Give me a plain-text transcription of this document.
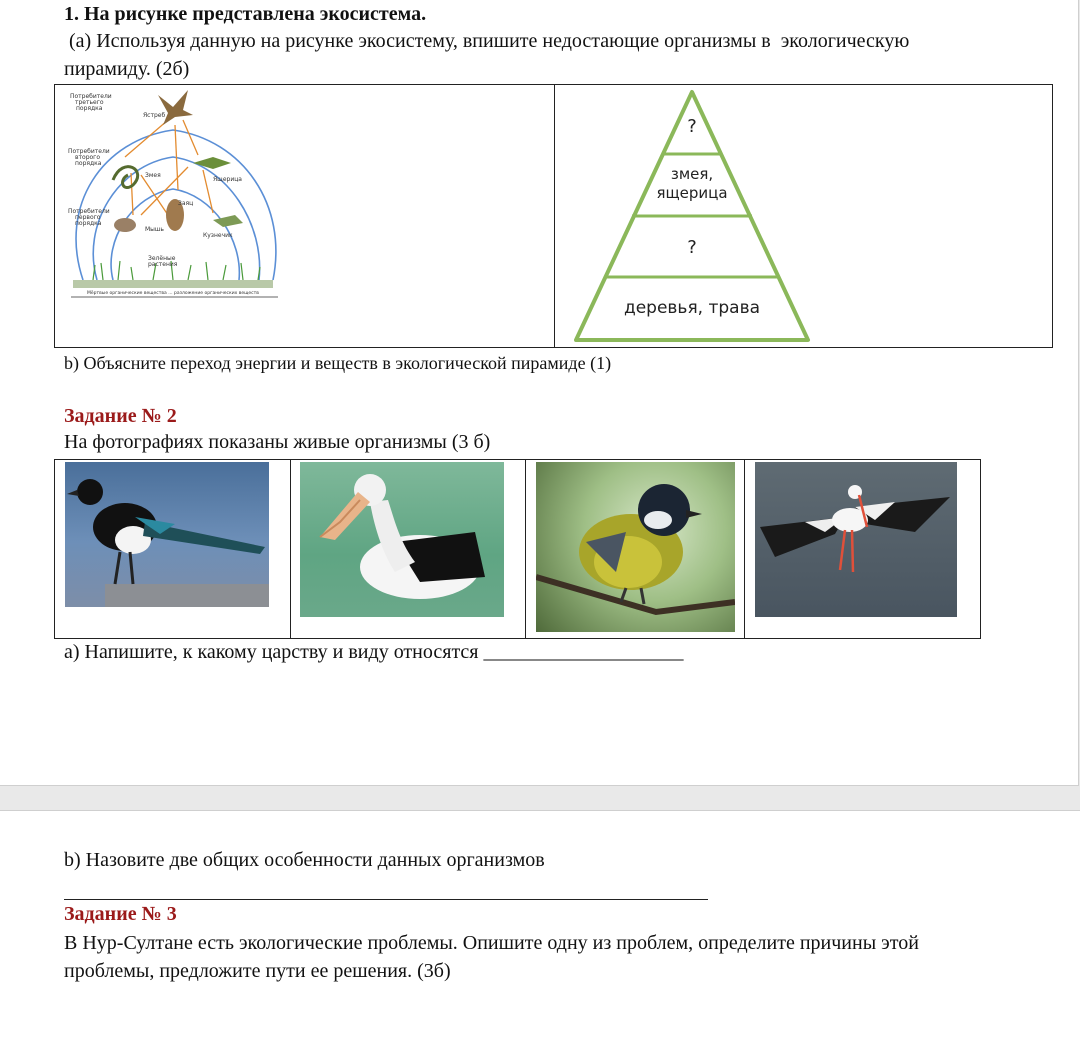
1. На рисунке представлена экосистема.
(a) Используя данную на рисунке экосистему, впишите недостающие организмы в  экологическую
пирамиду. (2б)
Потребители
третьего
порядка
Потребители
второго
порядка
Потребители
первого
порядка
Ястреб
Змея
Ящерица
Заяц
Мышь
Кузнечик
Зелёные
растения
Мёртвые органические вещества ... разложение органических веществ
?
змея,
ящерица
?
деревья, трава
b) Объясните переход энергии и веществ в экологической пирамиде (1)
Задание № 2
На фотографиях показаны живые организмы (3 б)
а) Напишите, к какому царству и виду относятся ____________________
b) Назовите две общих особенности данных организмов
Задание № 3
В Нур-Султане есть экологические проблемы. Опишите одну из проблем, определите причины этой
проблемы, предложите пути ее решения. (3б)
